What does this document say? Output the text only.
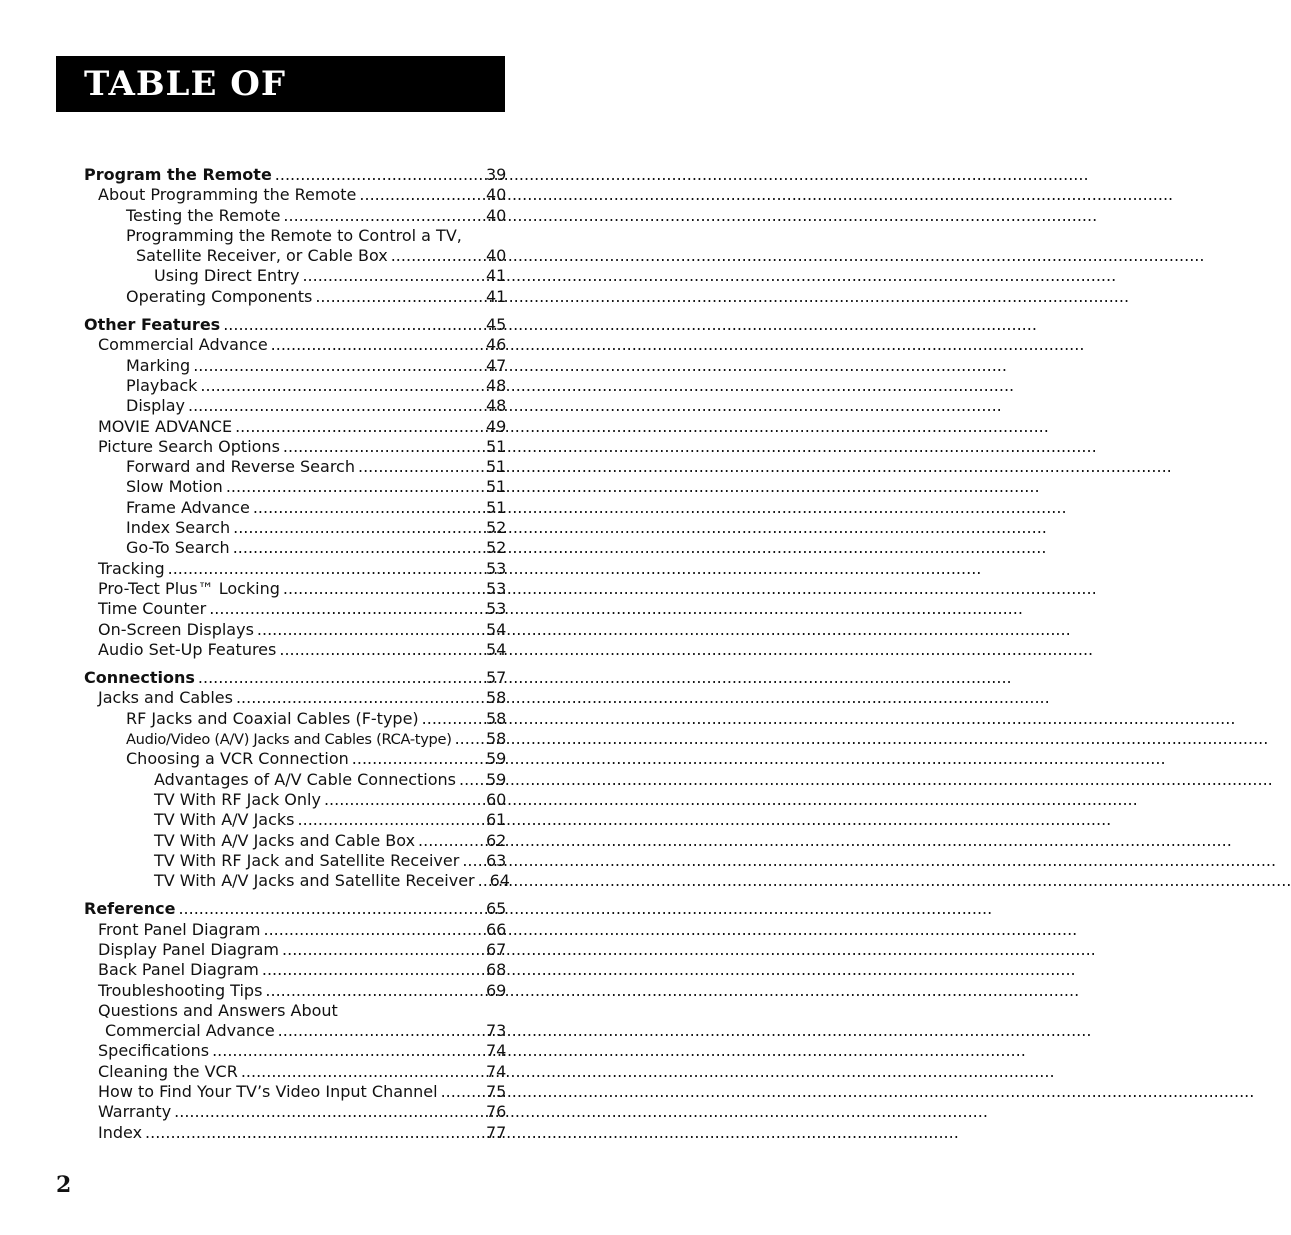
TABLE OF CONTENTS
Program the Remote .....	39
About Programming the Remote .....	40
Testing the Remote .....	40
Programming the Remote to Control a TV,
Satellite Receiver, or Cable Box .....	40
Using Direct Entry .....	41
Operating Components .....	41
Other Features .....	45
Commercial Advance .....	46
Marking .....	47
Playback .....	48
Display .....	48
MOVIE ADVANCE .....	49
Picture Search Options .....	51
Forward and Reverse Search .....	51
Slow Motion .....	51
Frame Advance .....	51
Index Search .....	52
Go-To Search .....	52
Tracking .....	53
Pro-Tect Plus™ Locking .....	53
Time Counter .....	53
On-Screen Displays .....	54
Audio Set-Up Features .....	54
Connections .....	57
Jacks and Cables .....	58
RF Jacks and Coaxial Cables (F-type) .....	58
Audio/Video (A/V) Jacks and Cables (RCA-type) ..... 58
Choosing a VCR Connection .....	59
Advantages of A/V Cable Connections ..... 59
TV With RF Jack Only .....	60
TV With A/V Jacks .....	61
TV With A/V Jacks and Cable Box .....	62
TV With RF Jack and Satellite Receiver ..... 63
TV With A/V Jacks and Satellite Receiver ..... 64
Reference .....	65
Front Panel Diagram .....	66
Display Panel Diagram .....	67
Back Panel Diagram .....	68
Troubleshooting Tips .....	69
Questions and Answers About
Commercial Advance .....	73
Specifications .....	74
Cleaning the VCR .....	74
How to Find Your TV’s Video Input Channel .....	75
Warranty .....	76
Index .....	77
2
